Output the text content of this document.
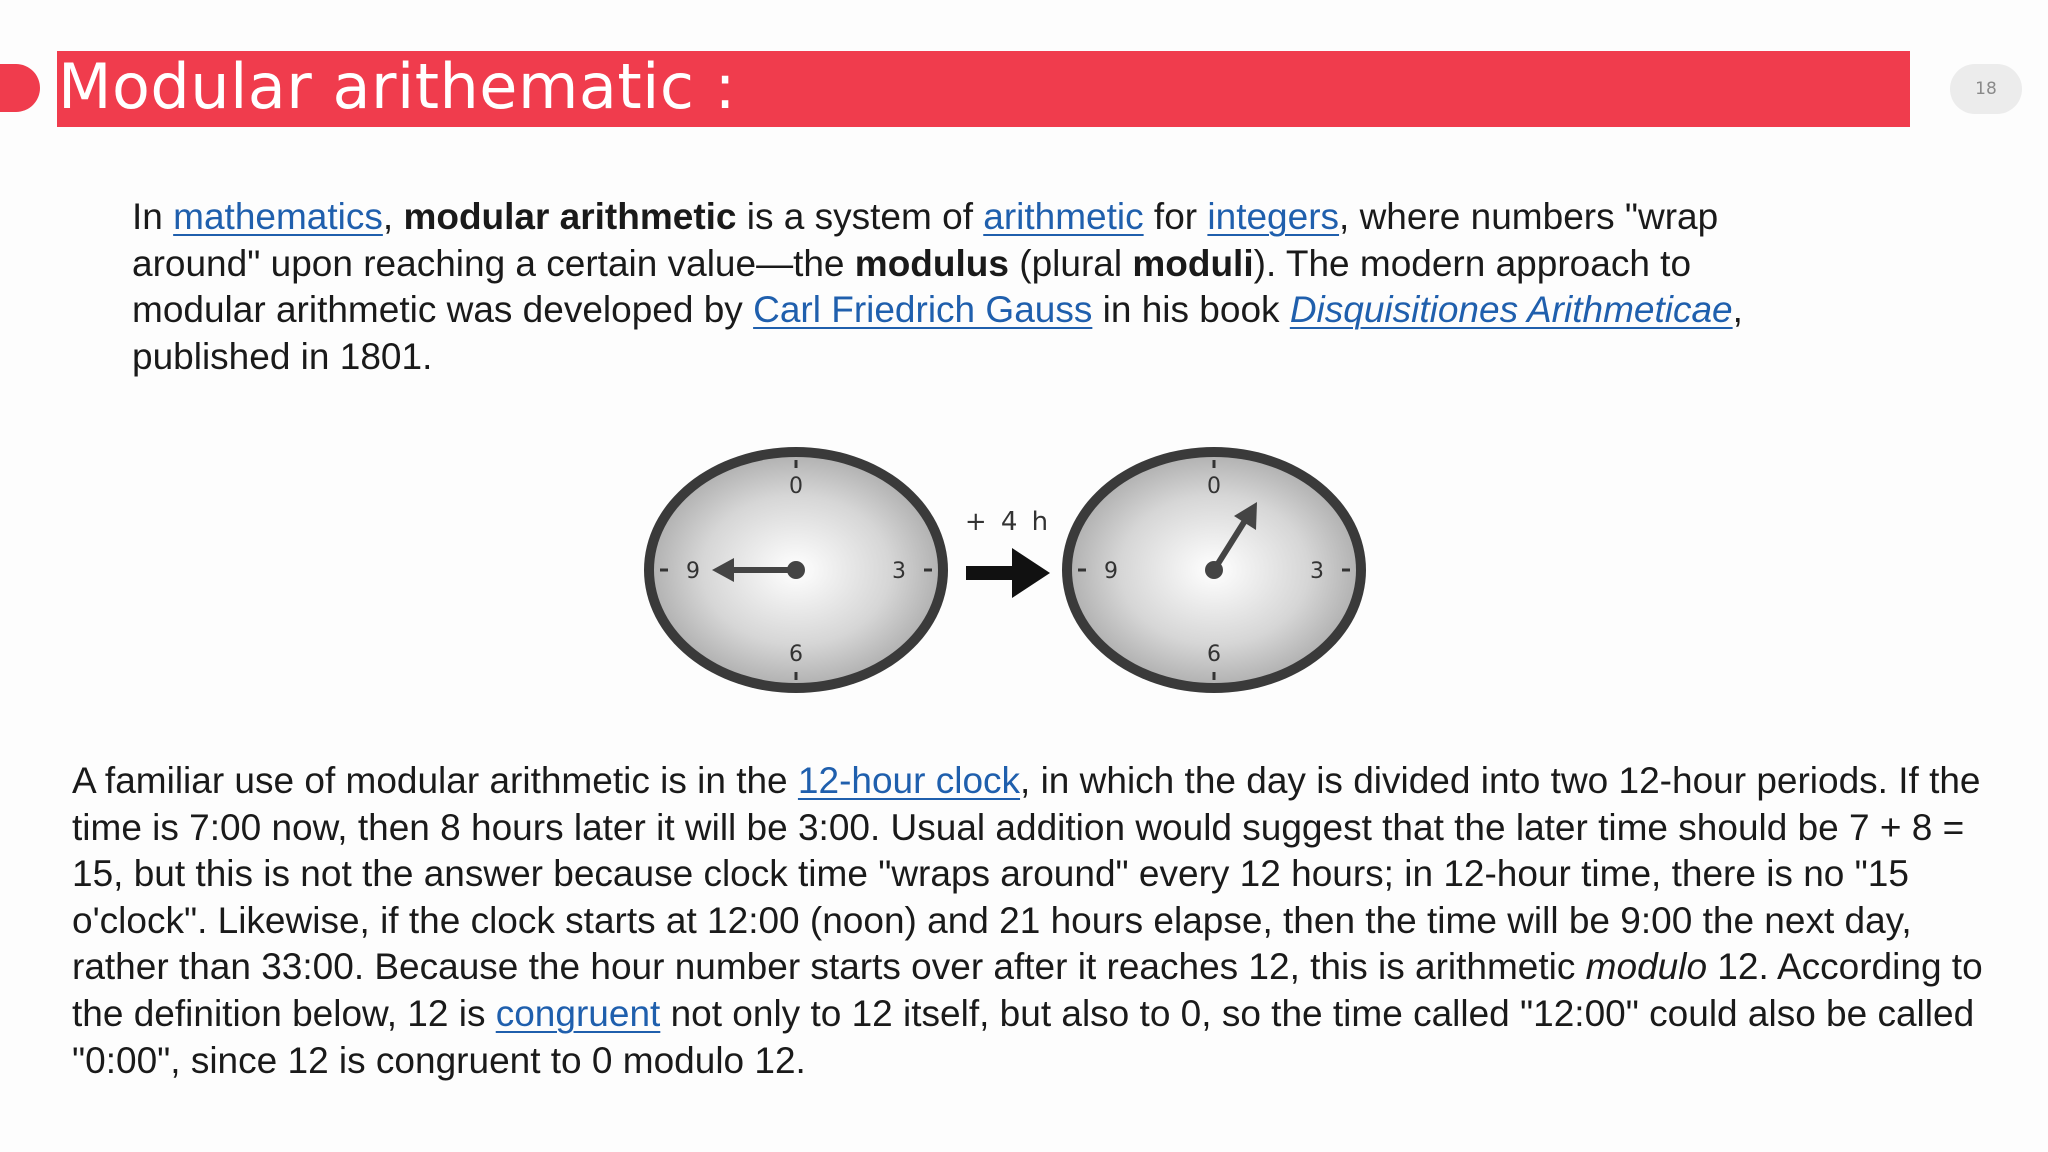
Modular arithematic :	18

In mathematics, modular arithmetic is a system of arithmetic for integers, where numbers "wrap around" upon reaching a certain value—the modulus (plural moduli). The modern approach to modular arithmetic was developed by Carl Friedrich Gauss in his book Disquisitiones Arithmeticae, published in 1801.

0
3
6
9
+ 4 h
0
3
6
9

A familiar use of modular arithmetic is in the 12-hour clock, in which the day is divided into two 12-hour periods. If the time is 7:00 now, then 8 hours later it will be 3:00. Usual addition would suggest that the later time should be 7 + 8 = 15, but this is not the answer because clock time "wraps around" every 12 hours; in 12-hour time, there is no "15 o'clock". Likewise, if the clock starts at 12:00 (noon) and 21 hours elapse, then the time will be 9:00 the next day, rather than 33:00. Because the hour number starts over after it reaches 12, this is arithmetic modulo 12. According to the definition below, 12 is congruent not only to 12 itself, but also to 0, so the time called "12:00" could also be called "0:00", since 12 is congruent to 0 modulo 12.
